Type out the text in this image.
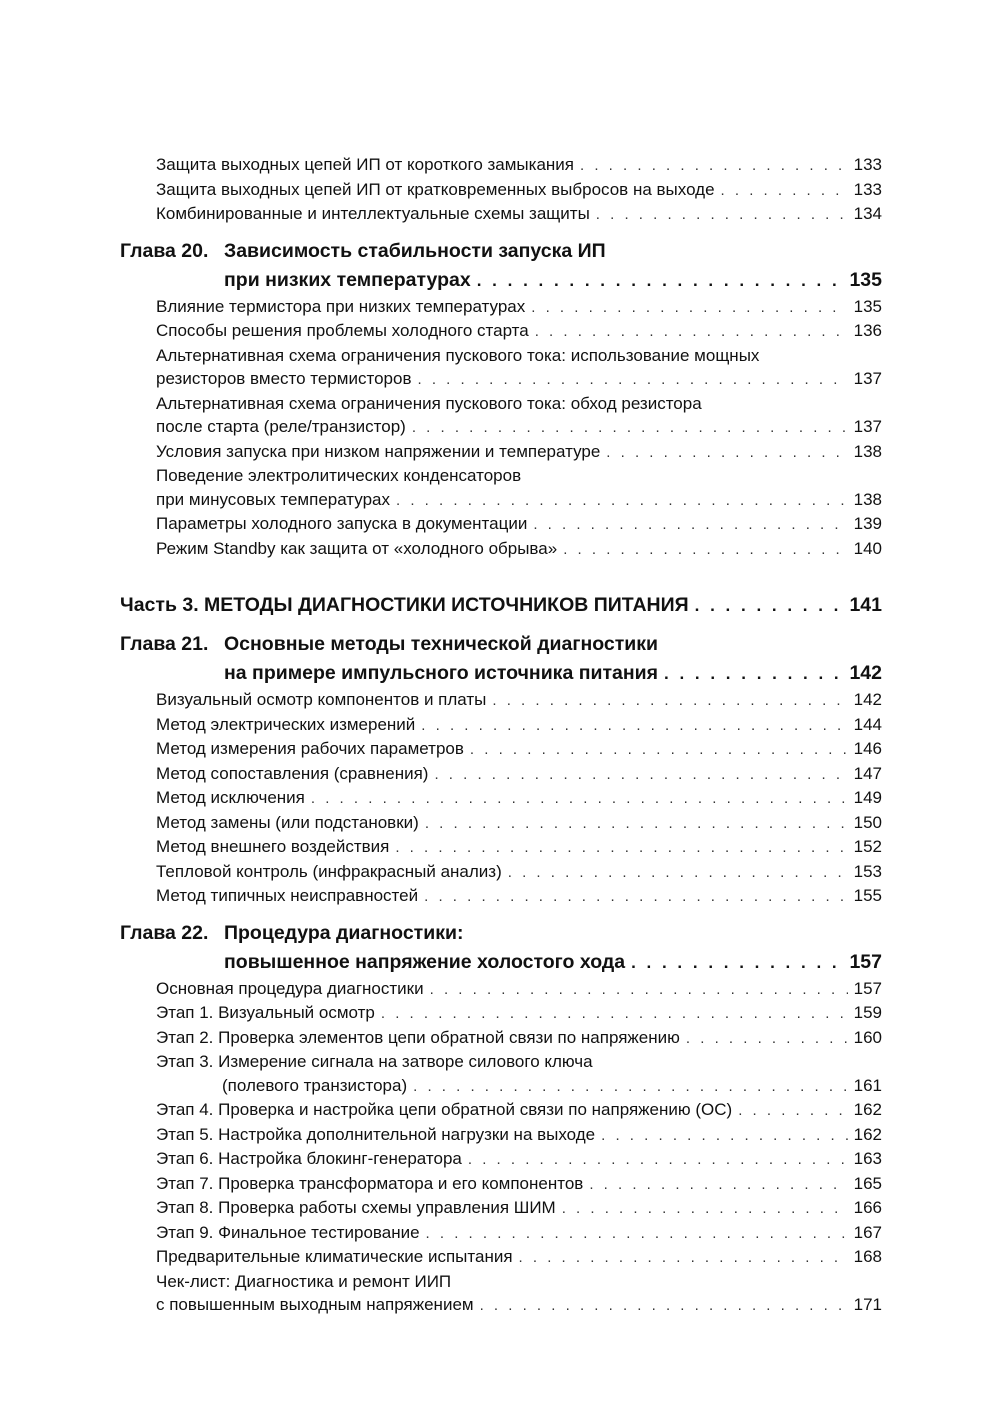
Защита выходных цепей ИП от короткого замыкания . . .	133
Защита выходных цепей ИП от кратковременных выбросов на выходе . . .	133
Комбинированные и интеллектуальные схемы защиты . . .	134
Глава 20. Зависимость стабильности запуска ИП
при низких температурах . . .	135
Влияние термистора при низких температурах . . .	135
Способы решения проблемы холодного старта . . .	136
Альтернативная схема ограничения пускового тока: использование мощных
резисторов вместо термисторов . . .	137
Альтернативная схема ограничения пускового тока: обход резистора
после старта (реле/транзистор) . . .	137
Условия запуска при низком напряжении и температуре . . .	138
Поведение электролитических конденсаторов
при минусовых температурах . . .	138
Параметры холодного запуска в документации . . .	139
Режим Standby как защита от «холодного обрыва» . . .	140
Часть 3. МЕТОДЫ ДИАГНОСТИКИ ИСТОЧНИКОВ ПИТАНИЯ . . .	141
Глава 21. Основные методы технической диагностики
на примере импульсного источника питания . . .	142
Визуальный осмотр компонентов и платы . . .	142
Метод электрических измерений . . .	144
Метод измерения рабочих параметров . . .	146
Метод сопоставления (сравнения) . . .	147
Метод исключения . . .	149
Метод замены (или подстановки) . . .	150
Метод внешнего воздействия . . .	152
Тепловой контроль (инфракрасный анализ) . . .	153
Метод типичных неисправностей . . .	155
Глава 22. Процедура диагностики:
повышенное напряжение холостого хода . . .	157
Основная процедура диагностики . . .	157
Этап 1. Визуальный осмотр . . .	159
Этап 2. Проверка элементов цепи обратной связи по напряжению . . .	160
Этап 3. Измерение сигнала на затворе силового ключа
(полевого транзистора) . . .	161
Этап 4. Проверка и настройка цепи обратной связи по напряжению (ОС) . . .	162
Этап 5. Настройка дополнительной нагрузки на выходе . . .	162
Этап 6. Настройка блокинг-генератора . . .	163
Этап 7. Проверка трансформатора и его компонентов . . .	165
Этап 8. Проверка работы схемы управления ШИМ . . .	166
Этап 9. Финальное тестирование . . .	167
Предварительные климатические испытания . . .	168
Чек-лист: Диагностика и ремонт ИИП
с повышенным выходным напряжением . . .	171
